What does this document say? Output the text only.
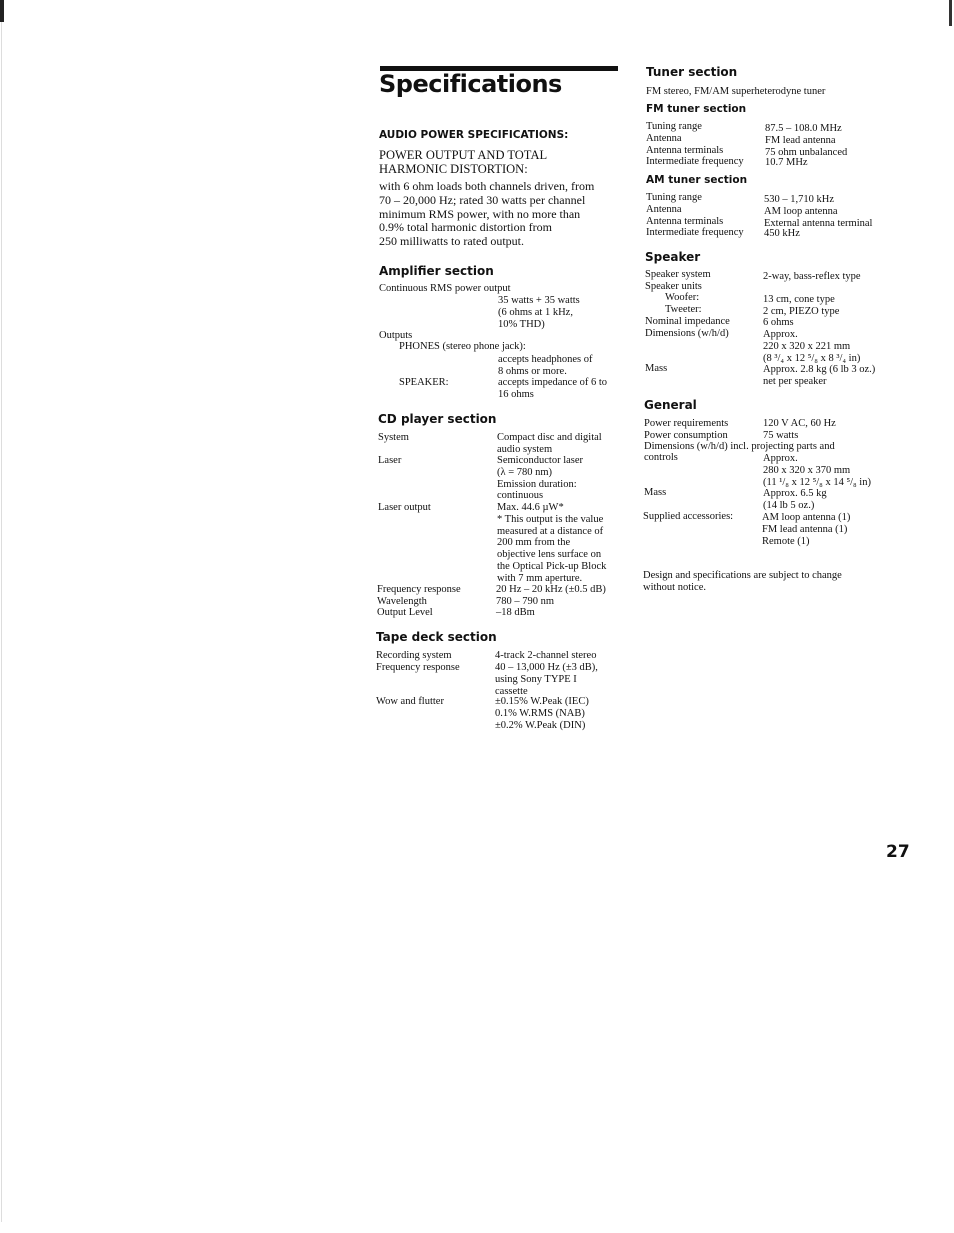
Specifications
AUDIO POWER SPECIFICATIONS:
POWER OUTPUT AND TOTAL
HARMONIC DISTORTION:
with 6 ohm loads both channels driven, from
70 – 20,000 Hz; rated 30 watts per channel
minimum RMS power, with no more than
0.9% total harmonic distortion from
250 milliwatts to rated output.
Amplifier section
Continuous RMS power output
35 watts + 35 watts
(6 ohms at 1 kHz,
10% THD)
Outputs
PHONES (stereo phone jack):
accepts headphones of
8 ohms or more.
SPEAKER:	accepts impedance of 6 to
16 ohms
CD player section
System	Compact disc and digital
audio system
Laser	Semiconductor laser
(λ = 780 nm)
Emission duration:
continuous
Laser output	Max. 44.6 µW*
* This output is the value
measured at a distance of
200 mm from the
objective lens surface on
the Optical Pick-up Block
with 7 mm aperture.
Frequency response	20 Hz – 20 kHz (±0.5 dB)
Wavelength	780 – 790 nm
Output Level	–18 dBm
Tape deck section
Recording system	4-track 2-channel stereo
Frequency response	40 – 13,000 Hz (±3 dB),
using Sony TYPE I
cassette
Wow and flutter	±0.15% W.Peak (IEC)
0.1% W.RMS (NAB)
±0.2% W.Peak (DIN)
Tuner section
FM stereo, FM/AM superheterodyne tuner
FM tuner section
Tuning range	87.5 – 108.0 MHz
Antenna	FM lead antenna
Antenna terminals	75 ohm unbalanced
Intermediate frequency 10.7 MHz
AM tuner section
Tuning range	530 – 1,710 kHz
Antenna	AM loop antenna
Antenna terminals	External antenna terminal
Intermediate frequency 450 kHz
Speaker
Speaker system	2-way, bass-reflex type
Speaker units
Woofer:	13 cm, cone type
Tweeter:	2 cm, PIEZO type
Nominal impedance	6 ohms
Dimensions (w/h/d)	Approx.
220 x 320 x 221 mm
(8 ³/₄ x 12 ⁵/₈ x 8 ³/₄ in)
Mass	Approx. 2.8 kg (6 lb 3 oz.)
net per speaker
General
Power requirements	120 V AC, 60 Hz
Power consumption	75 watts
Dimensions (w/h/d) incl. projecting parts and
controls	Approx.
280 x 320 x 370 mm
(11 ¹/₈ x 12 ⁵/₈ x 14 ⁵/₈ in)
Mass	Approx. 6.5 kg
(14 lb 5 oz.)
Supplied accessories:	AM loop antenna (1)
FM lead antenna (1)
Remote (1)
Design and specifications are subject to change
without notice.
27
